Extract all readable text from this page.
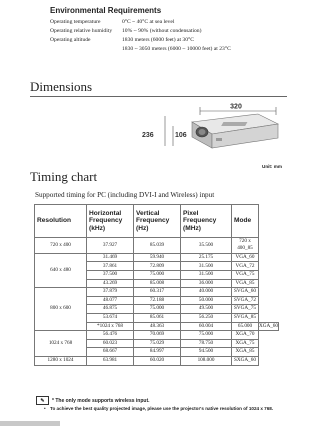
Environmental Requirements
Operating temperature	0°C ~ 40°C at sea level
Operating relative humidity	10% ~ 90% (without condensation)
Operating altitude	1830 meters (6000 feet) at 30°C
	1830 ~ 3050 meters (6000 ~ 10000 feet) at 23°C
Dimensions
320
236	106
Unit: mm
Timing chart
Supported timing for PC (including DVI-I and Wireless) input
Resolution	Horizontal Frequency (kHz)	Vertical Frequency (Hz)	Pixel Frequency (MHz)	Mode	
720 x 400	37.927	85.039	35.500	720 x 400_85	
640 x 480	31.469	59.940	25.175	VGA_60	
	37.861	72.809	31.500	VGA_72	
	37.500	75.000	31.500	VGA_75	
	43.269	85.008	36.000	VGA_85	
800 x 600	37.879	60.317	40.000	SVGA_60	
	48.077	72.188	50.000	SVGA_72	
	46.875	75.000	49.500	SVGA_75	
	53.674	85.061	56.250	SVGA_85	
	*1024 x 768	48.363	60.004	65.000	XGA_60
1024 x 768	56.476	70.069	75.000	XGA_70	
	60.023	75.029	78.750	XGA_75	
	68.667	84.997	94.500	XGA_85	
1280 x 1024	63.981	60.020	108.000	SXGA_60	
✎	* The only mode supports wireless input.
• To achieve the best quality projected image, please use the projector's native resolution of 1024 x 768.
